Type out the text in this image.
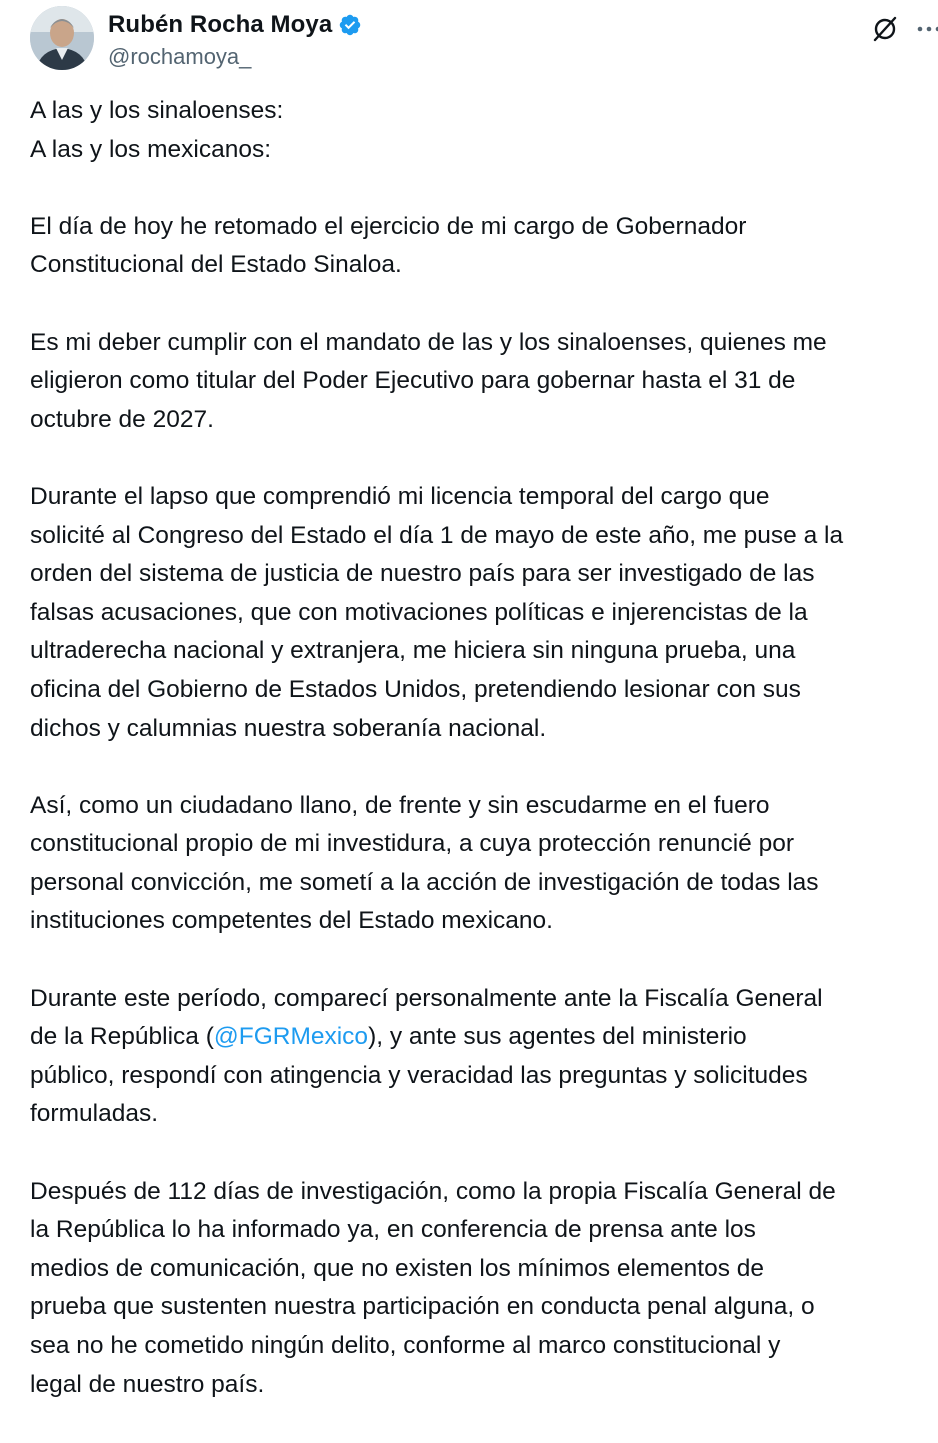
Rubén Rocha Moya
@rochamoya_
A las y los sinaloenses:
A las y los mexicanos:
El día de hoy he retomado el ejercicio de mi cargo de Gobernador
Constitucional del Estado Sinaloa.
Es mi deber cumplir con el mandato de las y los sinaloenses, quienes me
eligieron como titular del Poder Ejecutivo para gobernar hasta el 31 de
octubre de 2027.
Durante el lapso que comprendió mi licencia temporal del cargo que
solicité al Congreso del Estado el día 1 de mayo de este año, me puse a la
orden del sistema de justicia de nuestro país para ser investigado de las
falsas acusaciones, que con motivaciones políticas e injerencistas de la
ultraderecha nacional y extranjera, me hiciera sin ninguna prueba, una
oficina del Gobierno de Estados Unidos, pretendiendo lesionar con sus
dichos y calumnias nuestra soberanía nacional.
Así, como un ciudadano llano, de frente y sin escudarme en el fuero
constitucional propio de mi investidura, a cuya protección renuncié por
personal convicción, me sometí a la acción de investigación de todas las
instituciones competentes del Estado mexicano.
Durante este período, comparecí personalmente ante la Fiscalía General
de la República (@FGRMexico), y ante sus agentes del ministerio
público, respondí con atingencia y veracidad las preguntas y solicitudes
formuladas.
Después de 112 días de investigación, como la propia Fiscalía General de
la República lo ha informado ya, en conferencia de prensa ante los
medios de comunicación, que no existen los mínimos elementos de
prueba que sustenten nuestra participación en conducta penal alguna, o
sea no he cometido ningún delito, conforme al marco constitucional y
legal de nuestro país.
